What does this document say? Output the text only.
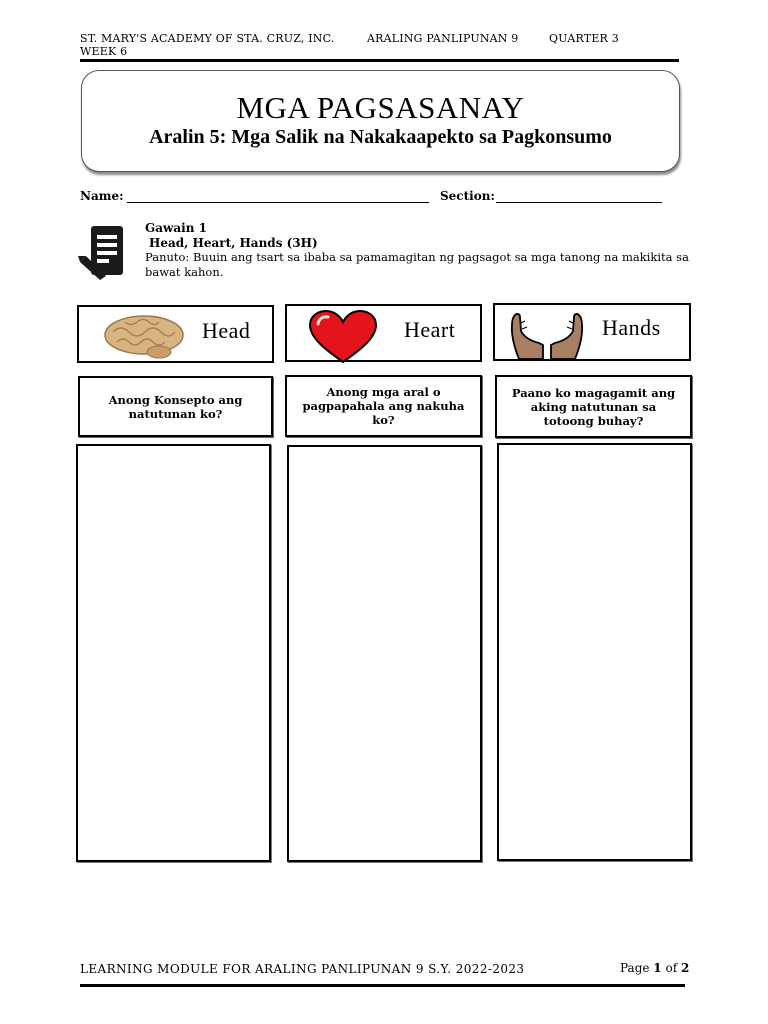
ST. MARY'S ACADEMY OF STA. CRUZ, INC.	ARALING PANLIPUNAN 9	QUARTER 3
WEEK 6
MGA PAGSASANAY
Aralin 5: Mga Salik na Nakakaapekto sa Pagkonsumo
Name:	Section:
Gawain 1
Head, Heart, Hands (3H)
Panuto: Buuin ang tsart sa ibaba sa pamamagitan ng pagsagot sa mga tanong na makikita sa bawat kahon.
Head
Anong Konsepto ang natutunan ko?
Heart
Anong mga aral o pagpapahala ang nakuha ko?
Hands
Paano ko magagamit ang aking natutunan sa totoong buhay?
LEARNING MODULE FOR ARALING PANLIPUNAN 9 S.Y. 2022-2023	Page 1 of 2
